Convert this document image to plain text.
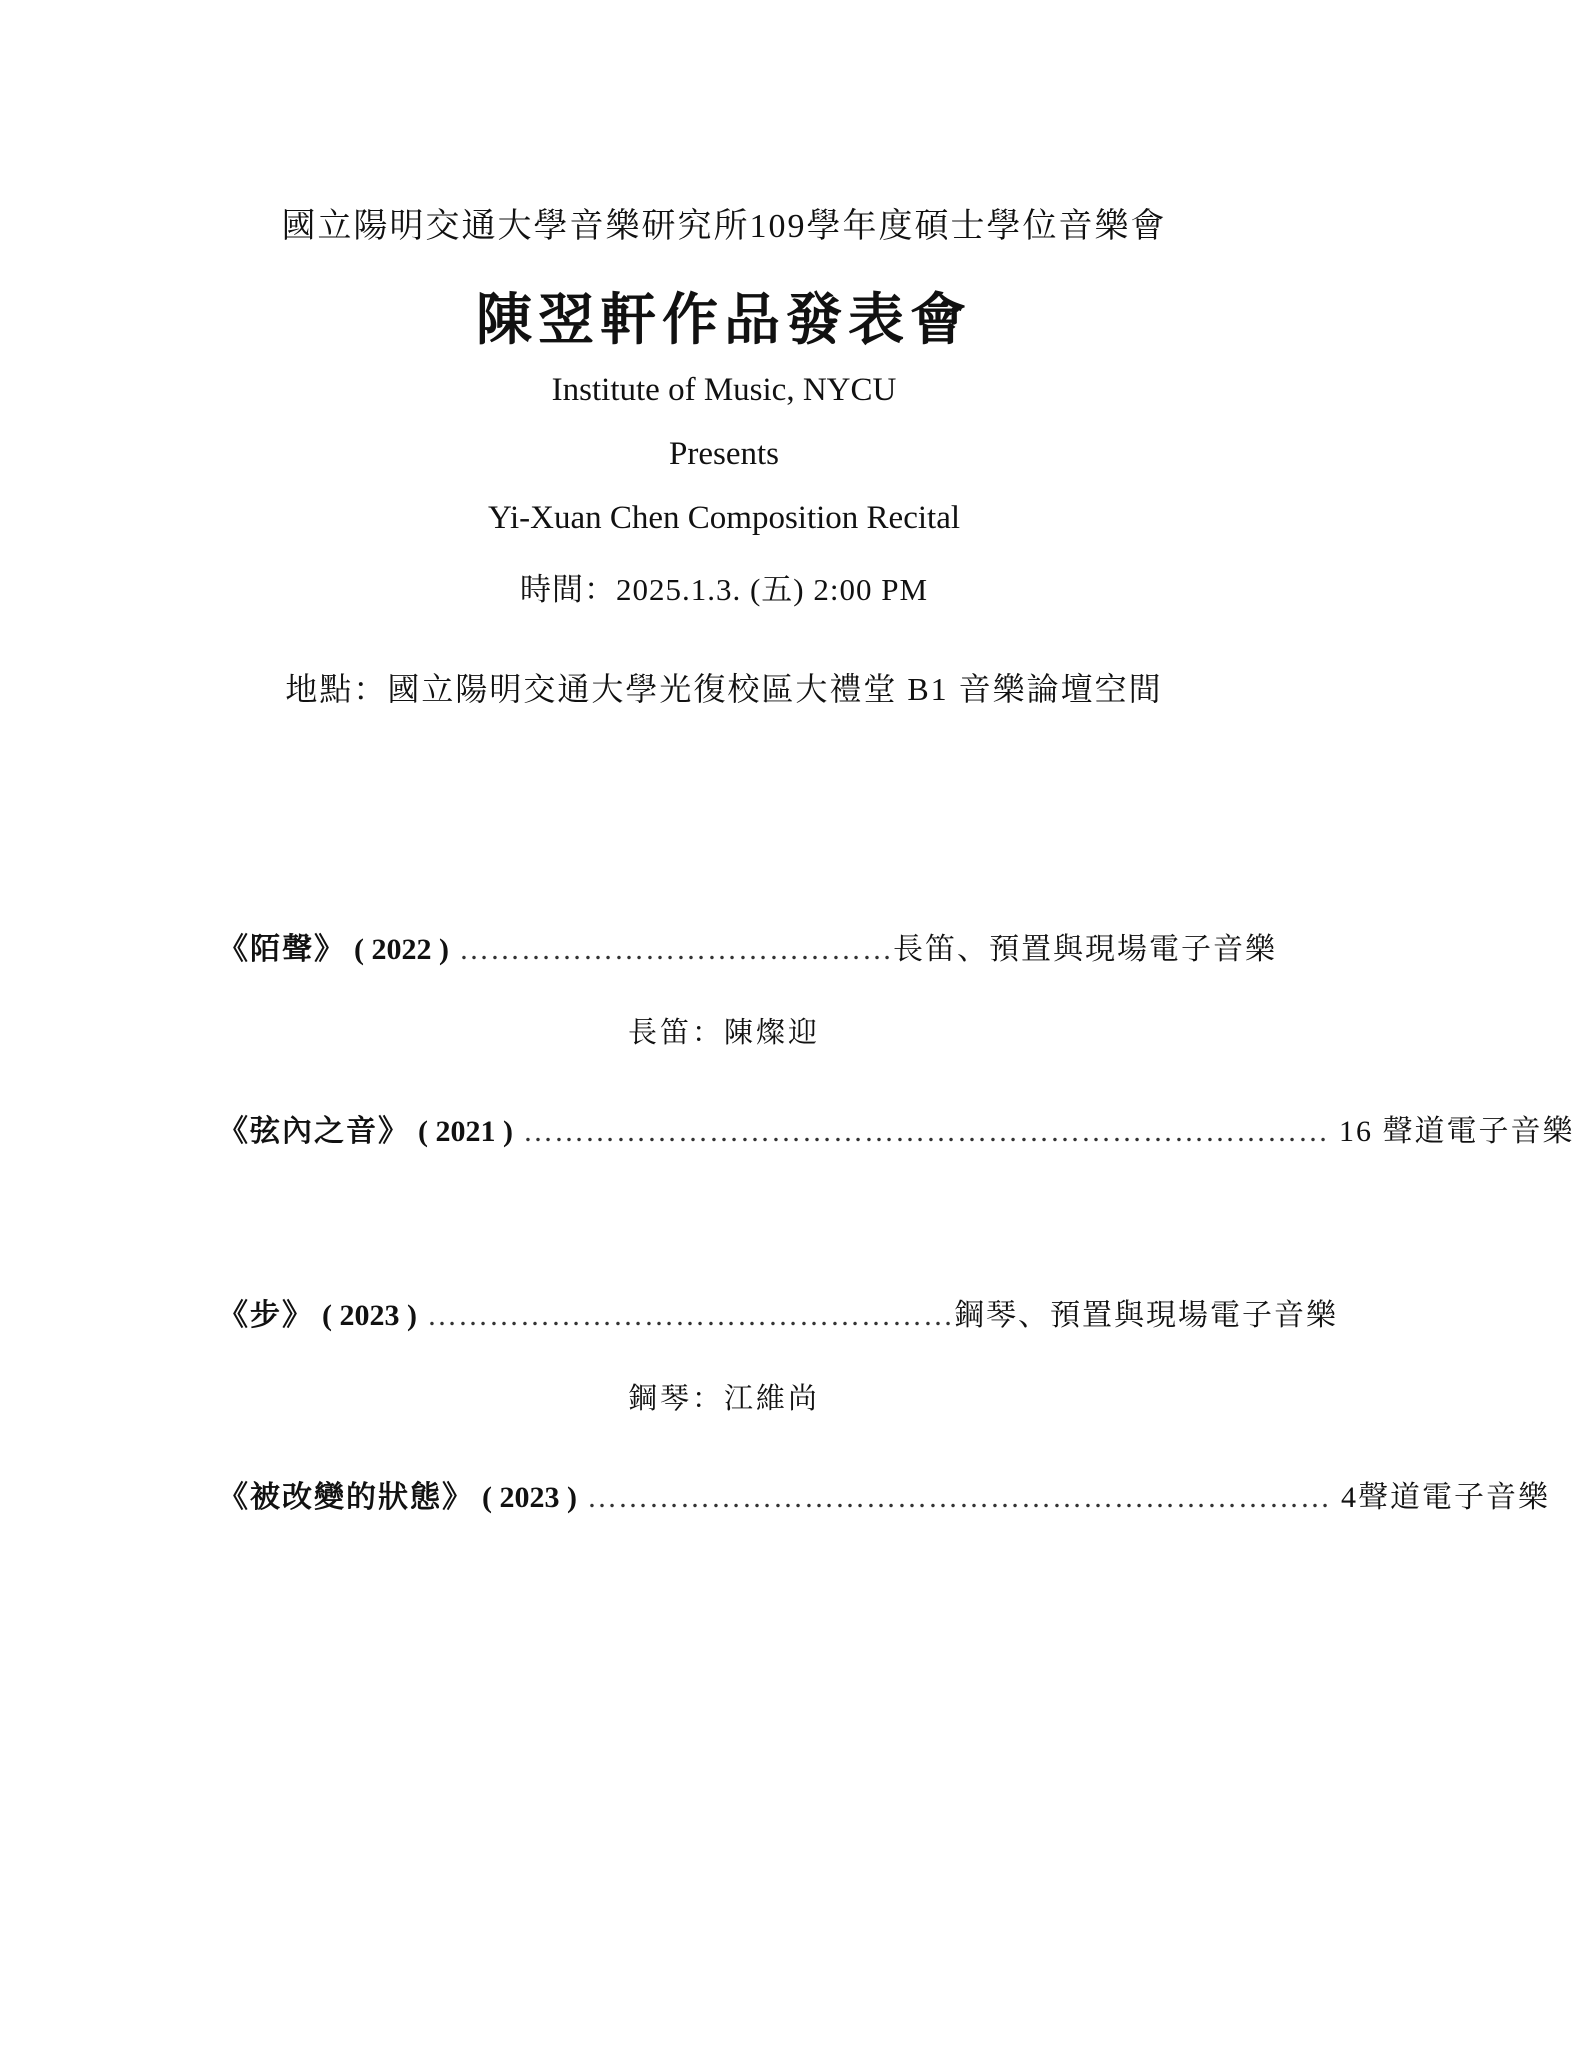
國立陽明交通大學音樂研究所109學年度碩士學位音樂會
陳翌軒作品發表會
Institute of Music, NYCU
Presents
Yi-Xuan Chen Composition Recital
時間：2025.1.3. (五) 2:00 PM
地點：國立陽明交通大學光復校區大禮堂 B1 音樂論壇空間
《陌聲》 ( 2022 ) …………………………………… 長笛、預置與現場電子音樂
長笛：陳燦迎
《弦內之音》 ( 2021 ) …………………………………………………………………… 16 聲道電子音樂
《步》 ( 2023 ) …………………………………………… 鋼琴、預置與現場電子音樂
鋼琴：江維尚
《被改變的狀態》 ( 2023 ) ……………………………………………………………… 4聲道電子音樂
